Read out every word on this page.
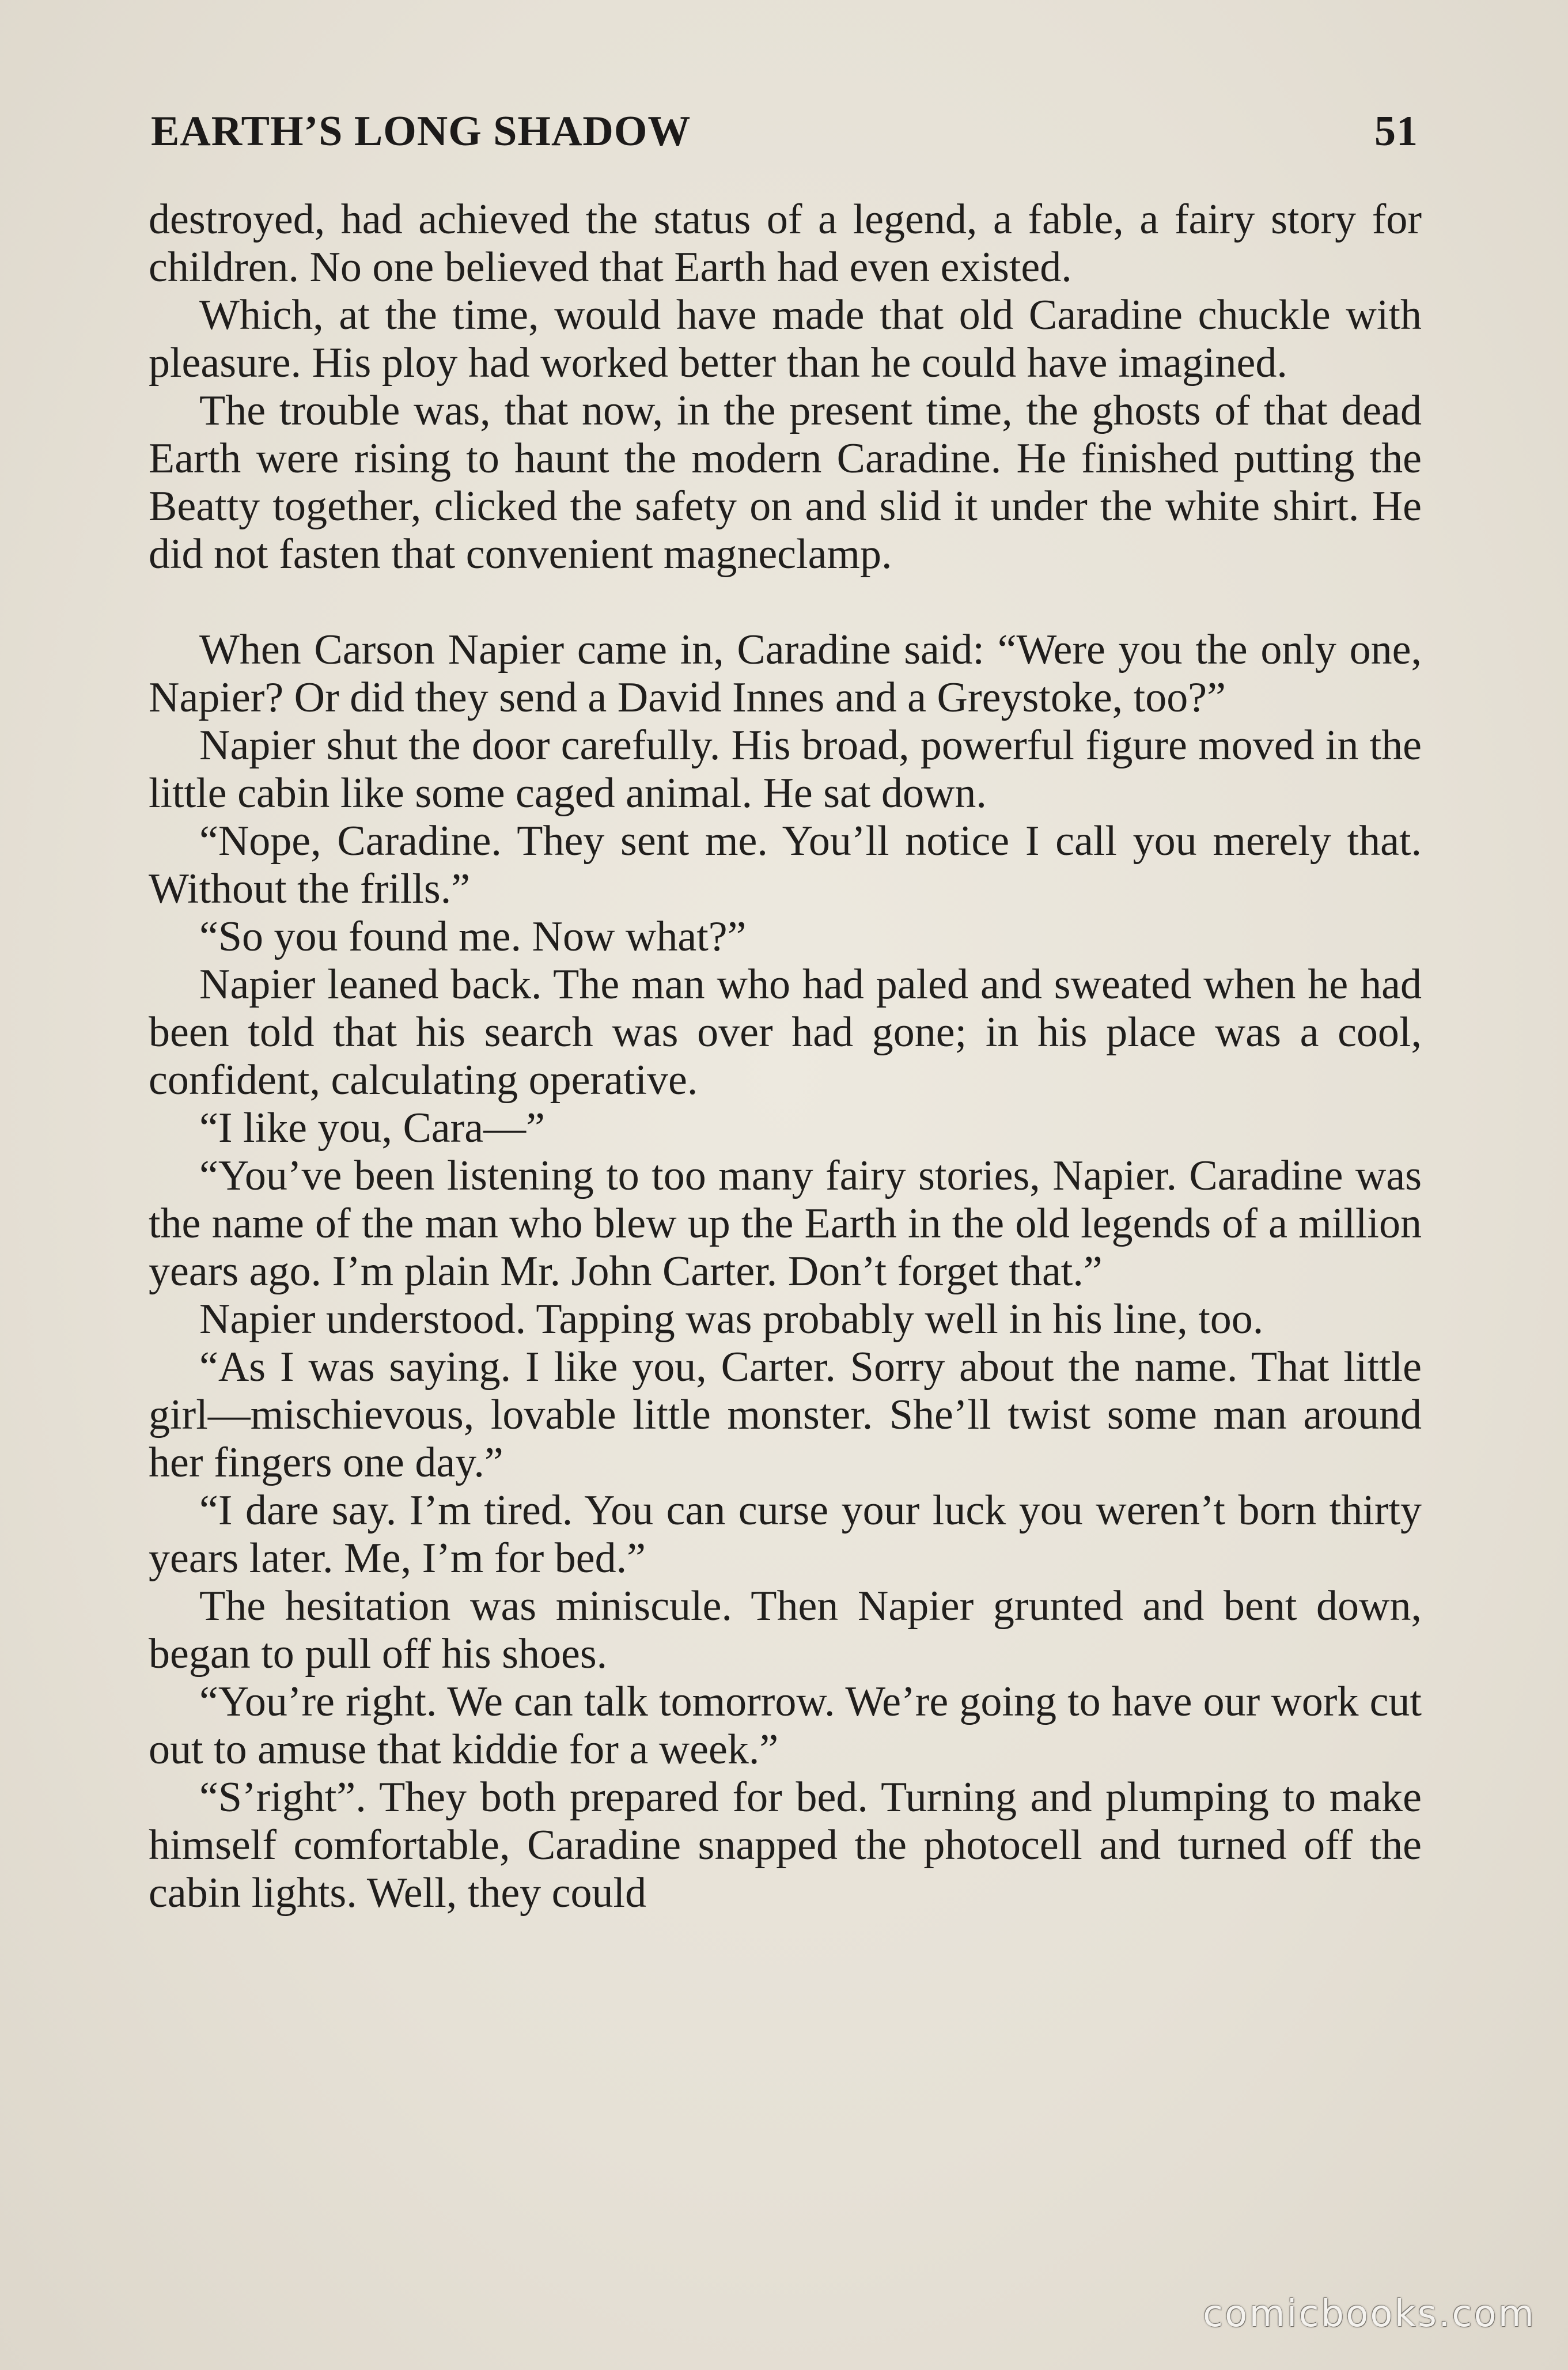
EARTH’S LONG SHADOW	51

destroyed, had achieved the status of a legend, a fable, a fairy story for children. No one believed that Earth had even existed.

Which, at the time, would have made that old Caradine chuckle with pleasure. His ploy had worked better than he could have imagined.

The trouble was, that now, in the present time, the ghosts of that dead Earth were rising to haunt the modern Caradine. He finished putting the Beatty together, clicked the safety on and slid it under the white shirt. He did not fasten that convenient magneclamp.

When Carson Napier came in, Caradine said: “Were you the only one, Napier? Or did they send a David Innes and a Greystoke, too?”

Napier shut the door carefully. His broad, powerful figure moved in the little cabin like some caged animal. He sat down.

“Nope, Caradine. They sent me. You’ll notice I call you merely that. Without the frills.”

“So you found me. Now what?”

Napier leaned back. The man who had paled and sweated when he had been told that his search was over had gone; in his place was a cool, confident, calculating operative.

“I like you, Cara—”

“You’ve been listening to too many fairy stories, Napier. Caradine was the name of the man who blew up the Earth in the old legends of a million years ago. I’m plain Mr. John Carter. Don’t forget that.”

Napier understood. Tapping was probably well in his line, too.

“As I was saying. I like you, Carter. Sorry about the name. That little girl—mischievous, lovable little monster. She’ll twist some man around her fingers one day.”

“I dare say. I’m tired. You can curse your luck you weren’t born thirty years later. Me, I’m for bed.”

The hesitation was miniscule. Then Napier grunted and bent down, began to pull off his shoes.

“You’re right. We can talk tomorrow. We’re going to have our work cut out to amuse that kiddie for a week.”

“S’right”. They both prepared for bed. Turning and plumping to make himself comfortable, Caradine snapped the photocell and turned off the cabin lights. Well, they could

comicbooks.com
